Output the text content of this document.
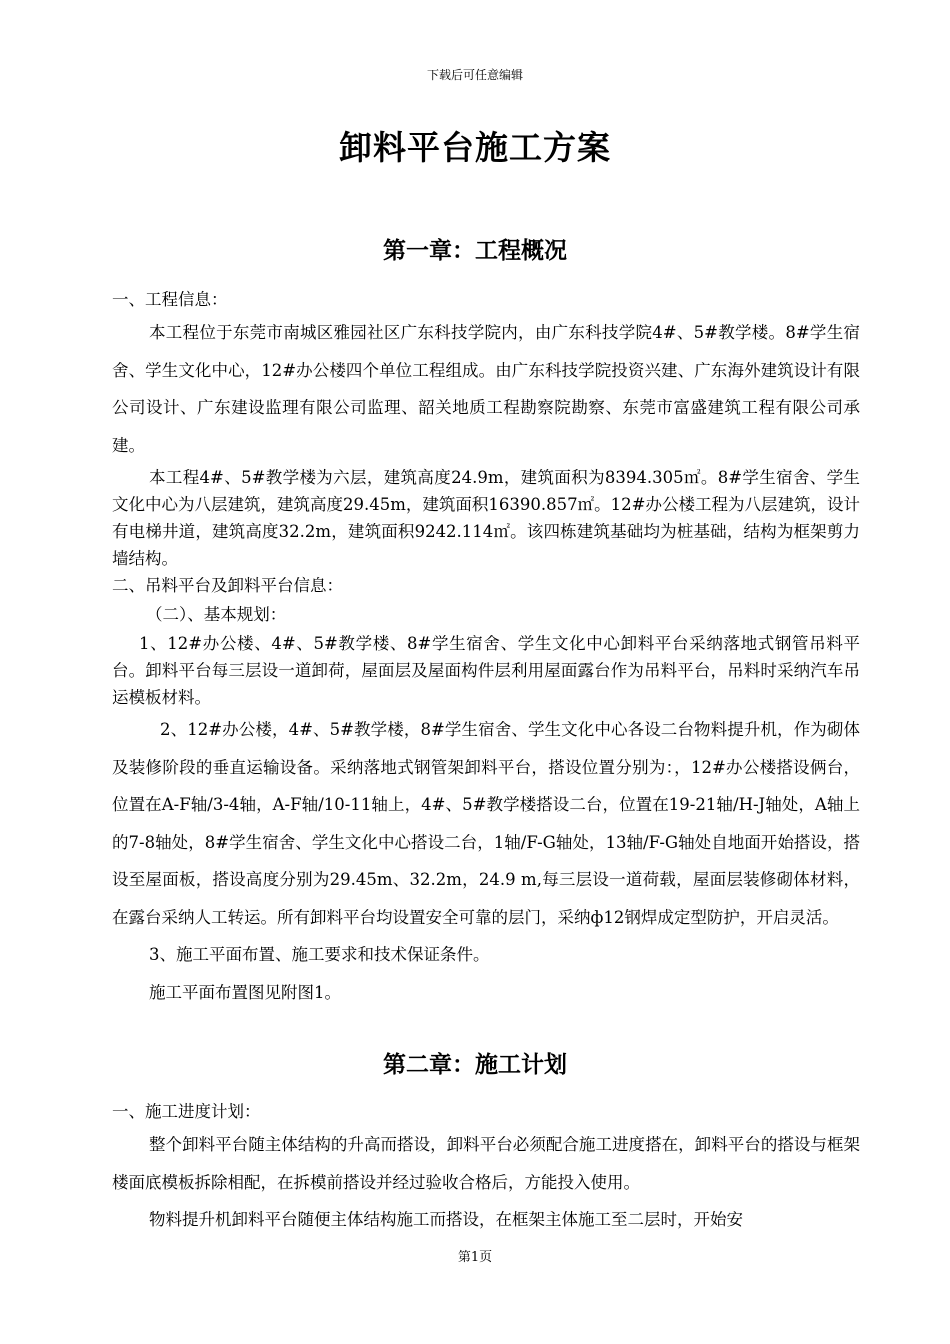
下载后可任意编辑
卸料平台施工方案
第一章：工程概况

一、工程信息：

本工程位于东莞市南城区雅园社区广东科技学院内，由广东科技学院4#、5#教学楼。8#学生宿舍、学生文化中心，12#办公楼四个单位工程组成。由广东科技学院投资兴建、广东海外建筑设计有限公司设计、广东建设监理有限公司监理、韶关地质工程勘察院勘察、东莞市富盛建筑工程有限公司承建。

本工程4#、5#教学楼为六层，建筑高度24.9m，建筑面积为8394.305㎡。8#学生宿舍、学生文化中心为八层建筑，建筑高度29.45m，建筑面积16390.857㎡。12#办公楼工程为八层建筑，设计有电梯井道，建筑高度32.2m，建筑面积9242.114㎡。该四栋建筑基础均为桩基础，结构为框架剪力墙结构。

二、吊料平台及卸料平台信息：

（二）、基本规划：

1、12#办公楼、4#、5#教学楼、8#学生宿舍、学生文化中心卸料平台采纳落地式钢管吊料平台。卸料平台每三层设一道卸荷，屋面层及屋面构件层利用屋面露台作为吊料平台，吊料时采纳汽车吊运模板材料。

2、12#办公楼，4#、5#教学楼，8#学生宿舍、学生文化中心各设二台物料提升机，作为砌体及装修阶段的垂直运输设备。采纳落地式钢管架卸料平台，搭设位置分别为：，12#办公楼搭设俩台，位置在A-F轴/3-4轴，A-F轴/10-11轴上，4#、5#教学楼搭设二台，位置在19-21轴/H-J轴处，A轴上的7-8轴处，8#学生宿舍、学生文化中心搭设二台，1轴/F-G轴处，13轴/F-G轴处自地面开始搭设，搭设至屋面板，搭设高度分别为29.45m、32.2m，24.9 m,每三层设一道荷载，屋面层装修砌体材料，在露台采纳人工转运。所有卸料平台均设置安全可靠的层门，采纳ф12钢焊成定型防护，开启灵活。

3、施工平面布置、施工要求和技术保证条件。

施工平面布置图见附图1。

第二章：施工计划

一、施工进度计划：

整个卸料平台随主体结构的升高而搭设，卸料平台必须配合施工进度搭在，卸料平台的搭设与框架楼面底模板拆除相配，在拆模前搭设并经过验收合格后，方能投入使用。

物料提升机卸料平台随便主体结构施工而搭设，在框架主体施工至二层时，开始安

第1页
